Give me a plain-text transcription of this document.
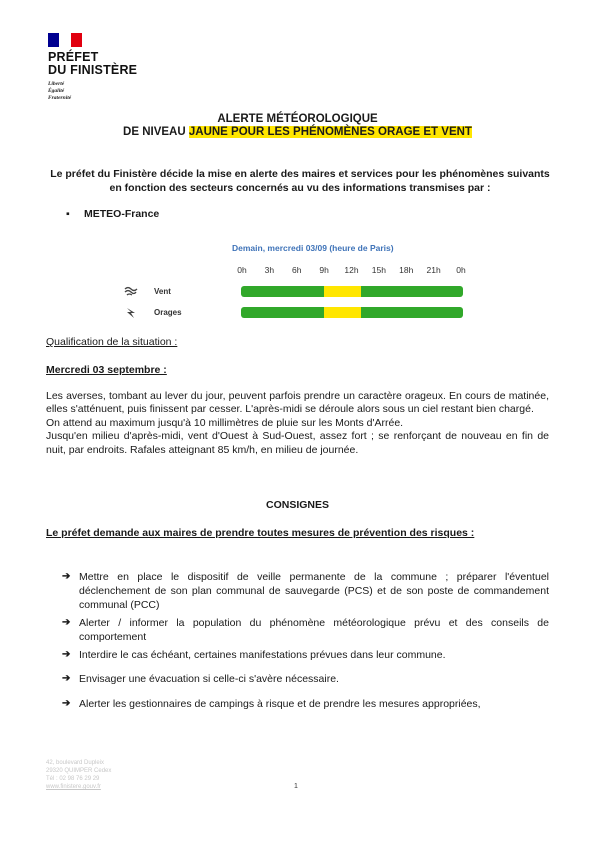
PRÉFET
DU FINISTÈRE
Liberté
Égalité
Fraternité
ALERTE MÉTÉOROLOGIQUE
DE NIVEAU JAUNE POUR LES PHÉNOMÈNES ORAGE ET VENT
Le préfet du Finistère décide la mise en alerte des maires et services pour les phénomènes suivants en fonction des secteurs concernés au vu des informations transmises par :
▪ METEO-France
Demain, mercredi 03/09 (heure de Paris)
0h	3h	6h	9h	12h	15h	18h	21h	0h
Vent
Orages
Qualification de la situation :
Mercredi 03 septembre :

Les averses, tombant au lever du jour, peuvent parfois prendre un caractère orageux. En cours de matinée, elles s'atténuent, puis finissent par cesser. L'après-midi se déroule alors sous un ciel restant bien chargé.

On attend au maximum jusqu'à 10 millimètres de pluie sur les Monts d'Arrée.

Jusqu'en milieu d'après-midi, vent d'Ouest à Sud-Ouest, assez fort ; se renforçant de nouveau en fin de nuit, par endroits. Rafales atteignant 85 km/h, en milieu de journée.

CONSIGNES
Le préfet demande aux maires de prendre toutes mesures de prévention des risques :
➔ Mettre en place le dispositif de veille permanente de la commune ; préparer l'éventuel déclenchement de son plan communal de sauvegarde (PCS) et de son poste de commandement communal (PCC)
➔ Alerter / informer la population du phénomène météorologique prévu et des conseils de comportement
➔ Interdire le cas échéant, certaines manifestations prévues dans leur commune.
➔ Envisager une évacuation si celle-ci s'avère nécessaire.
➔ Alerter les gestionnaires de campings à risque et de prendre les mesures appropriées,
42, boulevard Dupleix
29320 QUIMPER Cedex
Tél : 02 98 76 29 29
www.finistere.gouv.fr	1
